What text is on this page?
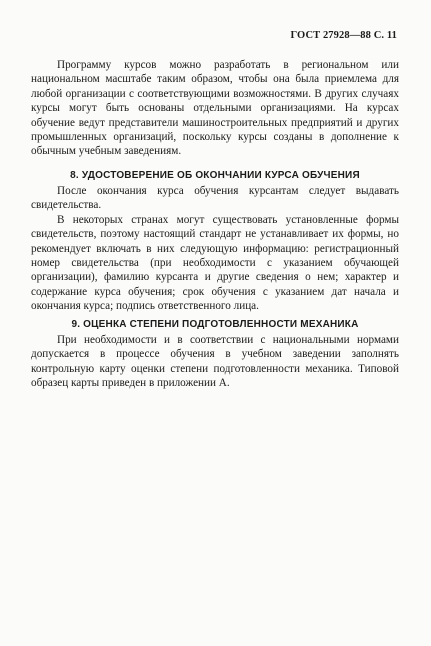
ГОСТ 27928—88 С. 11

Программу курсов можно разработать в региональном или национальном масштабе таким образом, чтобы она была приемлема для любой организации с соответствующими возможностями. В других случаях курсы могут быть основаны отдельными организациями. На курсах обучение ведут представители машиностроительных предприятий и других промышленных организаций, поскольку курсы созданы в дополнение к обычным учебным заведениям.

8. УДОСТОВЕРЕНИЕ ОБ ОКОНЧАНИИ КУРСА ОБУЧЕНИЯ

После окончания курса обучения курсантам следует выдавать свидетельства.

В некоторых странах могут существовать установленные формы свидетельств, поэтому настоящий стандарт не устанавливает их формы, но рекомендует включать в них следующую информацию: регистрационный номер свидетельства (при необходимости с указанием обучающей организации), фамилию курсанта и другие сведения о нем; характер и содержание курса обучения; срок обучения с указанием дат начала и окончания курса; подпись ответственного лица.

9. ОЦЕНКА СТЕПЕНИ ПОДГОТОВЛЕННОСТИ МЕХАНИКА

При необходимости и в соответствии с национальными нормами допускается в процессе обучения в учебном заведении заполнять контрольную карту оценки степени подготовленности механика. Типовой образец карты приведен в приложении А.
